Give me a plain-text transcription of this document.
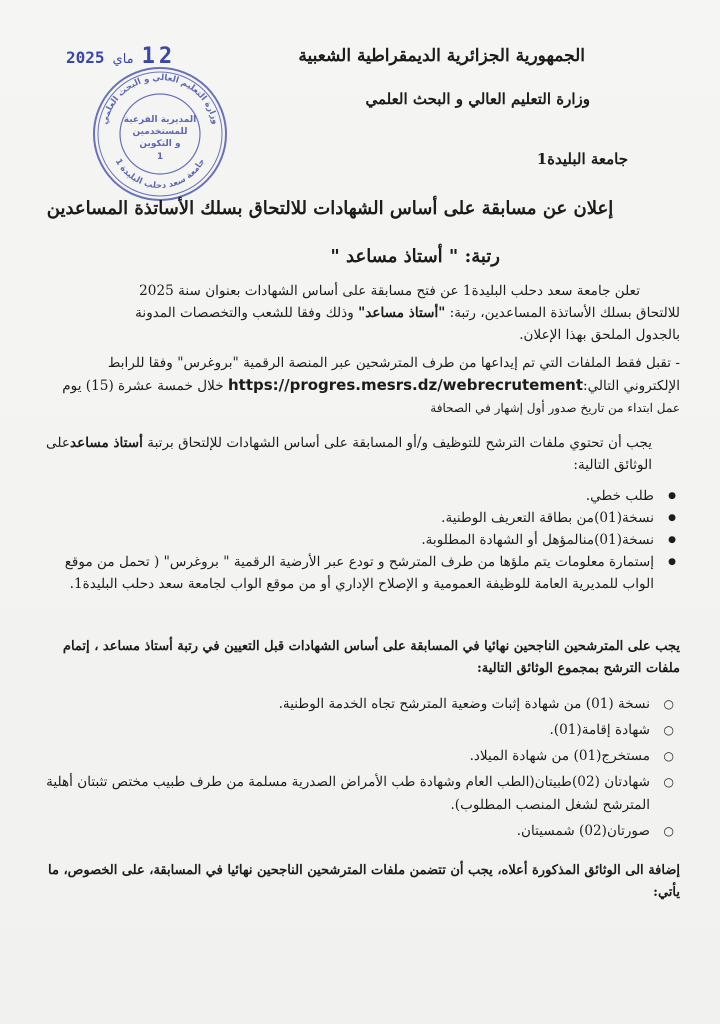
الجمهورية الجزائرية الديمقراطية الشعبية
وزارة التعليم العالي و البحث العلمي
جامعة البليدة1
2025 ماي 12
وزارة التعليم العالي و البحث العلمي
جامعة سعد دحلب البليدة 1
المديرية الفرعية
للمستخدمين
و التكوين
1
إعلان عن مسابقة على أساس الشهادات للالتحاق بسلك الأساتذة المساعدين
رتبة: " أستاذ مساعد "
تعلن جامعة سعد دحلب البليدة1 عن فتح مسابقة على أساس الشهادات بعنوان سنة 2025
للالتحاق بسلك الأساتذة المساعدين، رتبة: "أستاذ مساعد" وذلك وفقا للشعب والتخصصات المدونة
بالجدول الملحق بهذا الإعلان.
- تقبل فقط الملفات التي تم إيداعها من طرف المترشحين عبر المنصة الرقمية "بروغرس" وفقا للرابط
الإلكتروني التالي:https://progres.mesrs.dz/webrecrutement خلال خمسة عشرة (15) يوم
عمل ابتداء من تاريخ صدور أول إشهار في الصحافة
يجب أن تحتوي ملفات الترشح للتوظيف و/أو المسابقة على أساس الشهادات للإلتحاق برتبة أستاذ مساعدعلى الوثائق التالية:
● طلب خطي.
● نسخة(01)من بطاقة التعريف الوطنية.
● نسخة(01)منالمؤهل أو الشهادة المطلوبة.
● إستمارة معلومات يتم ملؤها من طرف المترشح و تودع عبر الأرضية الرقمية " بروغرس" ( تحمل من موقع الواب للمديرية العامة للوظيفة العمومية و الإصلاح الإداري أو من موقع الواب لجامعة سعد دحلب البليدة1.
يجب على المترشحين الناجحين نهائيا في المسابقة على أساس الشهادات قبل التعيين في رتبة أستاذ مساعد ، إتمام ملفات الترشح بمجموع الوثائق التالية:
○ نسخة (01) من شهادة إثبات وضعية المترشح تجاه الخدمة الوطنية.
○ شهادة إقامة(01).
○ مستخرج(01) من شهادة الميلاد.
○ شهادتان (02)طبيتان(الطب العام وشهادة طب الأمراض الصدرية مسلمة من طرف طبيب مختص تثبتان أهلية المترشح لشغل المنصب المطلوب).
○ صورتان(02) شمسيتان.
إضافة الى الوثائق المذكورة أعلاه، يجب أن تتضمن ملفات المترشحين الناجحين نهائيا في المسابقة، على الخصوص، ما يأتي:
